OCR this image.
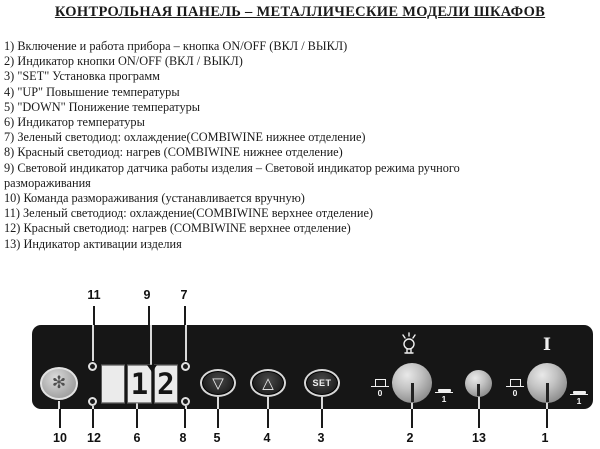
КОНТРОЛЬНАЯ ПАНЕЛЬ – МЕТАЛЛИЧЕСКИЕ МОДЕЛИ ШКАФОВ
1) Включение и работа прибора – кнопка ON/OFF (ВКЛ / ВЫКЛ)
2) Индикатор кнопки ON/OFF (ВКЛ / ВЫКЛ)
3) "SET" Установка программ
4) "UP" Повышение температуры
5) "DOWN" Понижение температуры
6) Индикатор температуры
7) Зеленый светодиод: охлаждение(COMBIWINE нижнее отделение)
8) Красный светодиод: нагрев (COMBIWINE нижнее отделение)
9) Световой индикатор датчика работы изделия – Световой индикатор режима ручного
размораживания
10) Команда размораживания (устанавливается вручную)
11) Зеленый светодиод: охлаждение(COMBIWINE верхнее отделение)
12) Красный светодиод: нагрев (COMBIWINE верхнее отделение)
13) Индикатор активации изделия
11	9	7
✻ 1 2	▽	△	SET
0
1
I
0
1
10	12	6	8	5	4	3	2	13	1
